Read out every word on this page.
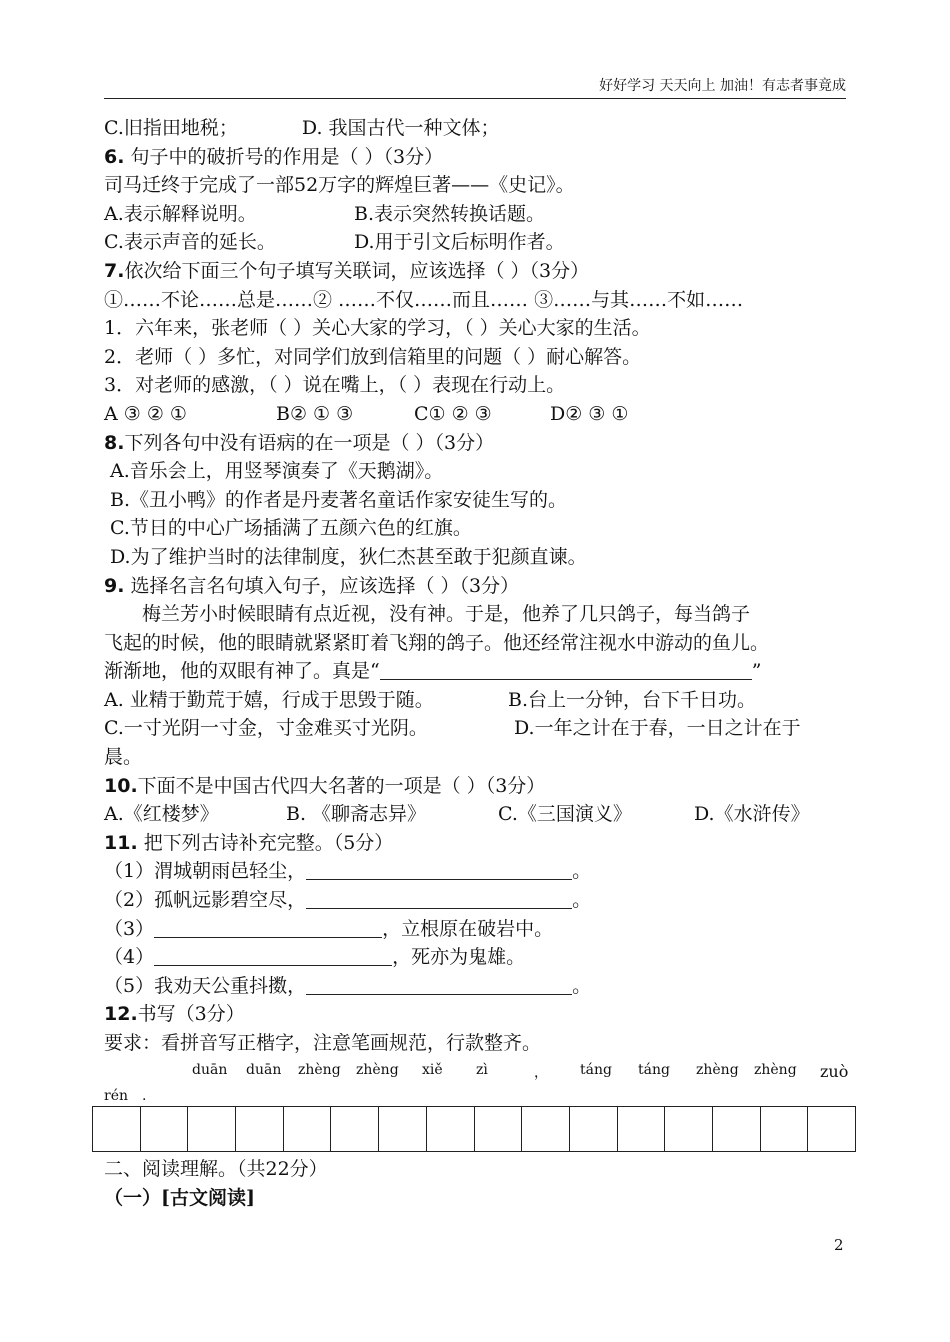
好好学习 天天向上 加油！有志者事竟成
C.旧指田地税；	D. 我国古代一种文体；
6. 句子中的破折号的作用是（ ）（3分）
司马迁终于完成了一部52万字的辉煌巨著——《史记》。
A.表示解释说明。	B.表示突然转换话题。
C.表示声音的延长。	D.用于引文后标明作者。
7.依次给下面三个句子填写关联词，应该选择（ ）（3分）
①……不论……总是……② ……不仅……而且…… ③……与其……不如……
1．六年来，张老师（ ）关心大家的学习，（ ）关心大家的生活。
2．老师（ ）多忙，对同学们放到信箱里的问题（ ）耐心解答。
3．对老师的感激，（ ）说在嘴上，（ ）表现在行动上。
A ③ ② ①	B② ① ③	C① ② ③	D② ③ ①
8.下列各句中没有语病的在一项是（ ）（3分）
A.音乐会上，用竖琴演奏了《天鹅湖》。
B.《丑小鸭》的作者是丹麦著名童话作家安徒生写的。
C.节日的中心广场插满了五颜六色的红旗。
D.为了维护当时的法律制度，狄仁杰甚至敢于犯颜直谏。
9. 选择名言名句填入句子，应该选择（ ）（3分）
梅兰芳小时候眼睛有点近视，没有神。于是，他养了几只鸽子，每当鸽子
飞起的时候，他的眼睛就紧紧盯着飞翔的鸽子。他还经常注视水中游动的鱼儿。
渐渐地，他的双眼有神了。真是“	”
A. 业精于勤荒于嬉，行成于思毁于随。	B.台上一分钟，台下千日功。
C.一寸光阴一寸金，寸金难买寸光阴。	D.一年之计在于春，一日之计在于
晨。
10.下面不是中国古代四大名著的一项是（ ）（3分）
A.《红楼梦》	B. 《聊斋志异》	C.《三国演义》	D.《水浒传》
11. 把下列古诗补充完整。（5分）
（1）渭城朝雨邑轻尘，	。
（2）孤帆远影碧空尽，	。
（3）	，立根原在破岩中。
（4）	，死亦为鬼雄。
（5）我劝天公重抖擞，	。
12.书写（3分）
要求：看拼音写正楷字，注意笔画规范，行款整齐。
duān duān zhèng zhèng xiě zì	， táng táng zhèng zhèng zuò
rén .
二、阅读理解。（共22分）
（一）[古文阅读]
2
